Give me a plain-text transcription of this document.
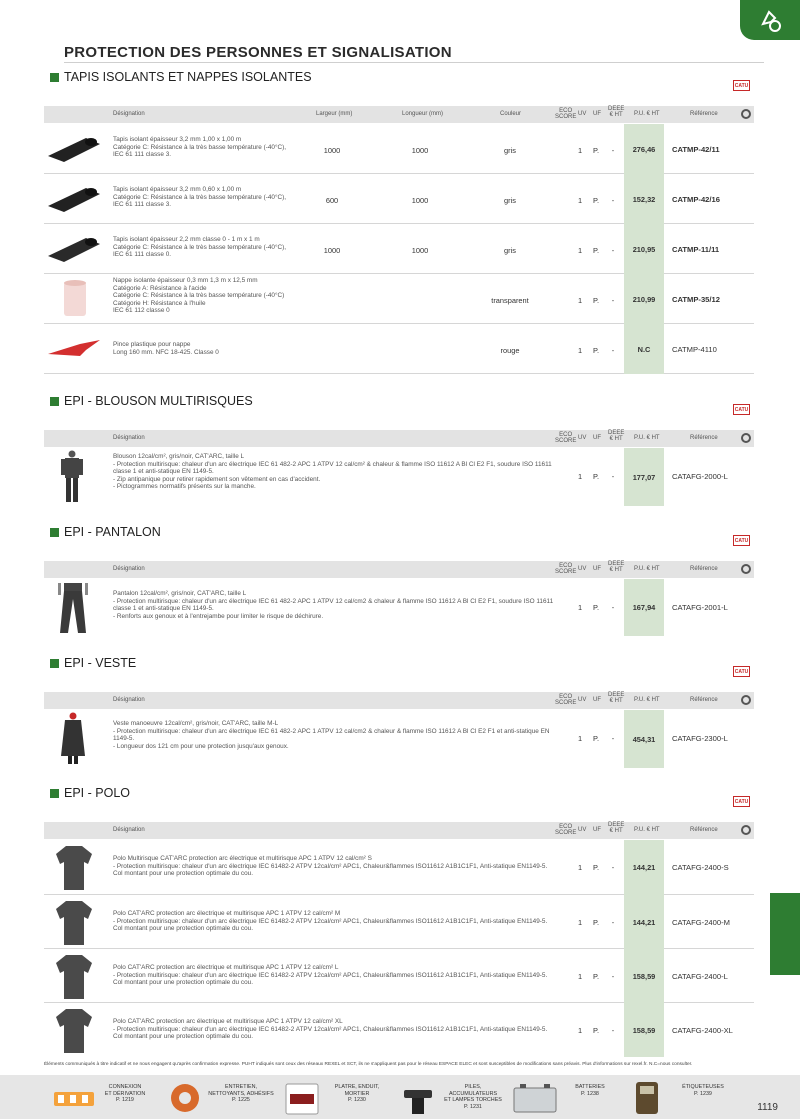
PROTECTION DES PERSONNES ET SIGNALISATION
TAPIS ISOLANTS ET NAPPES ISOLANTES
CATU
Désignation	Largeur (mm)	Longueur (mm)	Couleur	ECO
SCORE UV UF
DEEE
€ HT P.U. € HT	Référence
Tapis isolant épaisseur 3,2 mm 1,00 x 1,00 m
Catégorie C: Résistance à la très basse température (-40°C),
IEC 61 111 classe 3.	1000	1000	gris	1 P.	-	276,46	CATMP-42/11
Tapis isolant épaisseur 3,2 mm 0,60 x 1,00 m
Catégorie C: Résistance à la très basse température (-40°C),
IEC 61 111 classe 3.	600	1000	gris	1 P.	-	152,32	CATMP-42/16
Tapis isolant épaisseur 2,2 mm classe 0 - 1 m x 1 m
Catégorie C: Résistance à le très basse température (-40°C),
IEC 61 111 classe 0.	1000	1000	gris	1 P.	-	210,95	CATMP-11/11
Nappe isolante épaisseur 0,3 mm 1,3 m x 12,5 mm
Catégorie A: Résistance à l'acide
Catégorie C: Résistance à la très basse température (-40°C)
Catégorie H: Résistance à l'huile
IEC 61 112 classe 0
transparent	1 P.	-	210,99	CATMP-35/12
Pince plastique pour nappe
Long 160 mm. NFC 18-425. Classe 0	rouge	1 P.	-	N.C	CATMP-4110
EPI - BLOUSON MULTIRISQUES
CATU
Désignation	ECO
SCORE UV UF
DEEE
€ HT P.U. € HT	Référence
Blouson 12cal/cm², gris/noir, CAT'ARC, taille L
- Protection multirisque: chaleur d'un arc électrique IEC 61 482-2 APC 1 ATPV 12 cal/cm² & chaleur & flamme ISO 11612 A Bl Cl E2 F1, soudure ISO 11611
classe 1 et anti-statique EN 1149-5.
- Zip antipanique pour retirer rapidement son vêtement en cas d'accident.
- Pictogrammes normatifs présents sur la manche.
1 P.	-	177,07	CATAFG-2000-L
EPI - PANTALON
CATU
Désignation	ECO
SCORE UV UF
DEEE
€ HT P.U. € HT	Référence
Pantalon 12cal/cm², gris/noir, CAT'ARC, taille L
- Protection multirisque: chaleur d'un arc électrique IEC 61 482-2 APC 1 ATPV 12 cal/cm2 & chaleur & flamme ISO 11612 A Bl Cl E2 F1, soudure ISO 11611
classe 1 et anti-statique EN 1149-5.
- Renforts aux genoux et à l'entrejambe pour limiter le risque de déchirure.
1 P.	-	167,94	CATAFG-2001-L
EPI - VESTE
CATU
Désignation	ECO
SCORE UV UF
DEEE
€ HT P.U. € HT	Référence
Veste manoeuvre 12cal/cm², gris/noir, CAT'ARC, taille M-L
- Protection multirisque: chaleur d'un arc électrique IEC 61 482-2 APC 1 ATPV 12 cal/cm2 & chaleur & flamme ISO 11612 A Bl Cl E2 F1 et anti-statique EN
1149-5.
- Longueur dos 121 cm pour une protection jusqu'aux genoux.
1 P.	-	454,31	CATAFG-2300-L
EPI - POLO
CATU
Désignation	ECO
SCORE UV UF
DEEE
€ HT P.U. € HT	Référence
Polo Multirisque CAT'ARC protection arc électrique et multirisque APC 1 ATPV 12 cal/cm² S
- Protection multirisque: chaleur d'un arc électrique IEC 61482-2 ATPV 12cal/cm² APC1, Chaleur&flammes ISO11612 A1B1C1F1, Anti-statique EN1149-5.
Col montant pour une protection optimale du cou.
1 P.	-	144,21	CATAFG-2400-S
Polo CAT'ARC protection arc électrique et multirisque APC 1 ATPV 12 cal/cm² M
- Protection multirisque: chaleur d'un arc électrique IEC 61482-2 ATPV 12cal/cm² APC1, Chaleur&flammes ISO11612 A1B1C1F1, Anti-statique EN1149-5.
Col montant pour une protection optimale du cou.
1 P.	-	144,21	CATAFG-2400-M
Polo CAT'ARC protection arc électrique et multirisque APC 1 ATPV 12 cal/cm² L
- Protection multirisque: chaleur d'un arc électrique IEC 61482-2 ATPV 12cal/cm² APC1, Chaleur&flammes ISO11612 A1B1C1F1, Anti-statique EN1149-5.
Col montant pour une protection optimale du cou.
1 P.	-	158,59	CATAFG-2400-L
Polo CAT'ARC protection arc électrique et multirisque APC 1 ATPV 12 cal/cm² XL
- Protection multirisque: chaleur d'un arc électrique IEC 61482-2 ATPV 12cal/cm² APC1, Chaleur&flammes ISO11612 A1B1C1F1, Anti-statique EN1149-5.
Col montant pour une protection optimale du cou.
1 P.	-	158,59	CATAFG-2400-XL
Éléments communiqués à titre indicatif et ne nous engagent qu'après confirmation expresse. PUHT indiqués sont ceux des réseaux REXEL et SCT, ils ne s'appliquent pas pour le réseau ESPACE ELEC et sont susceptibles de modifications sans préavis. Plus d'informations sur rexel.fr. N.C=nous consulter.
CONNEXION
ET DÉRIVATION
P. 1219
ENTRETIEN,
NETTOYANTS, ADHÉSIFS
P. 1225
PLATRE, ENDUIT,
MORTIER
P. 1230
PILES, ACCUMULATEURS
ET LAMPES TORCHES
P. 1231
BATTERIES
P. 1238
ÉTIQUETEUSES
P. 1239
1119
